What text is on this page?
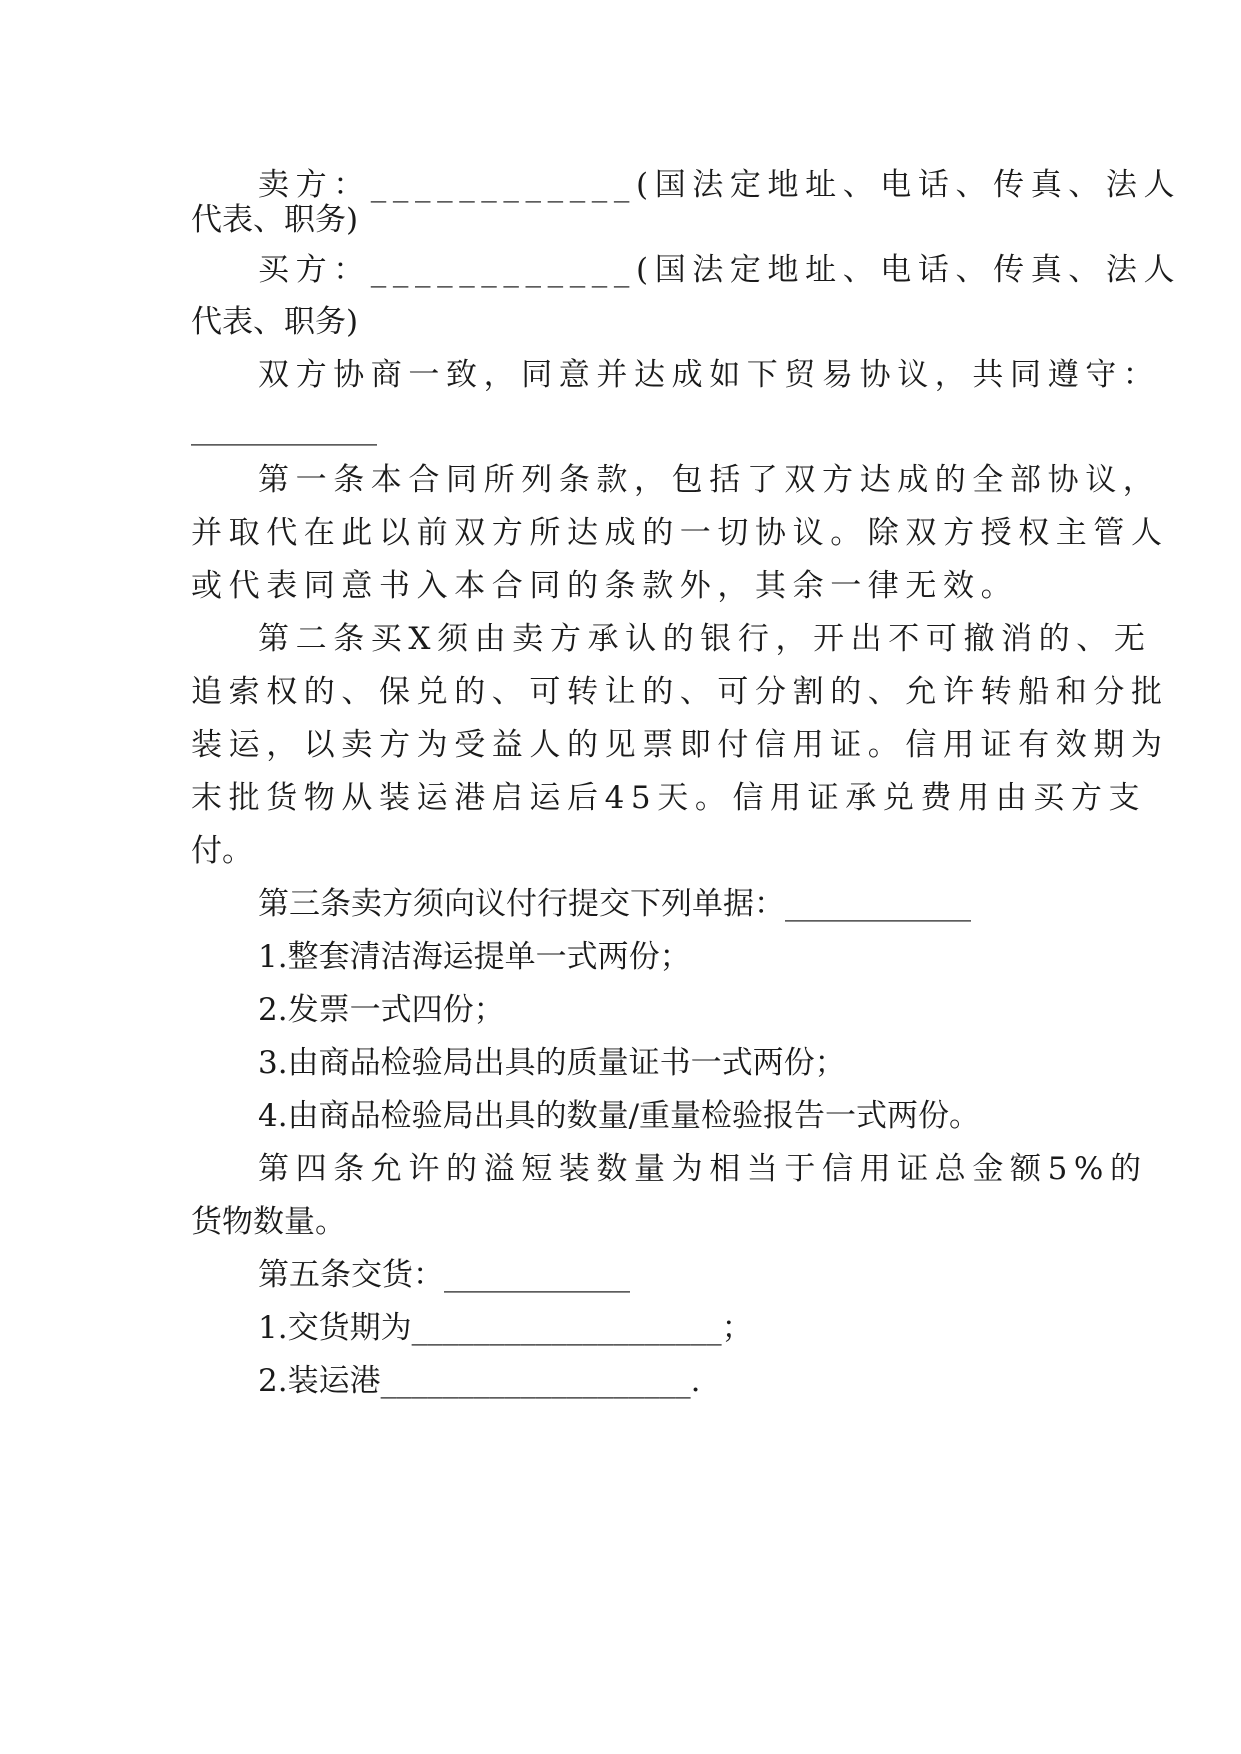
卖方：____________(国法定地址、电话、传真、法人
代表、职务)
买方：____________(国法定地址、电话、传真、法人
代表、职务)
双方协商一致，同意并达成如下贸易协议，共同遵守：
____________
第一条本合同所列条款，包括了双方达成的全部协议，
并取代在此以前双方所达成的一切协议。除双方授权主管人
或代表同意书入本合同的条款外，其余一律无效。
第二条买X须由卖方承认的银行，开出不可撤消的、无
追索权的、保兑的、可转让的、可分割的、允许转船和分批
装运，以卖方为受益人的见票即付信用证。信用证有效期为
末批货物从装运港启运后45天。信用证承兑费用由买方支
付。
第三条卖方须向议付行提交下列单据：____________
1.整套清洁海运提单一式两份；
2.发票一式四份；
3.由商品检验局出具的质量证书一式两份；
4.由商品检验局出具的数量/重量检验报告一式两份。
第四条允许的溢短装数量为相当于信用证总金额5%的
货物数量。
第五条交货：____________
1.交货期为____________________；
2.装运港____________________.
